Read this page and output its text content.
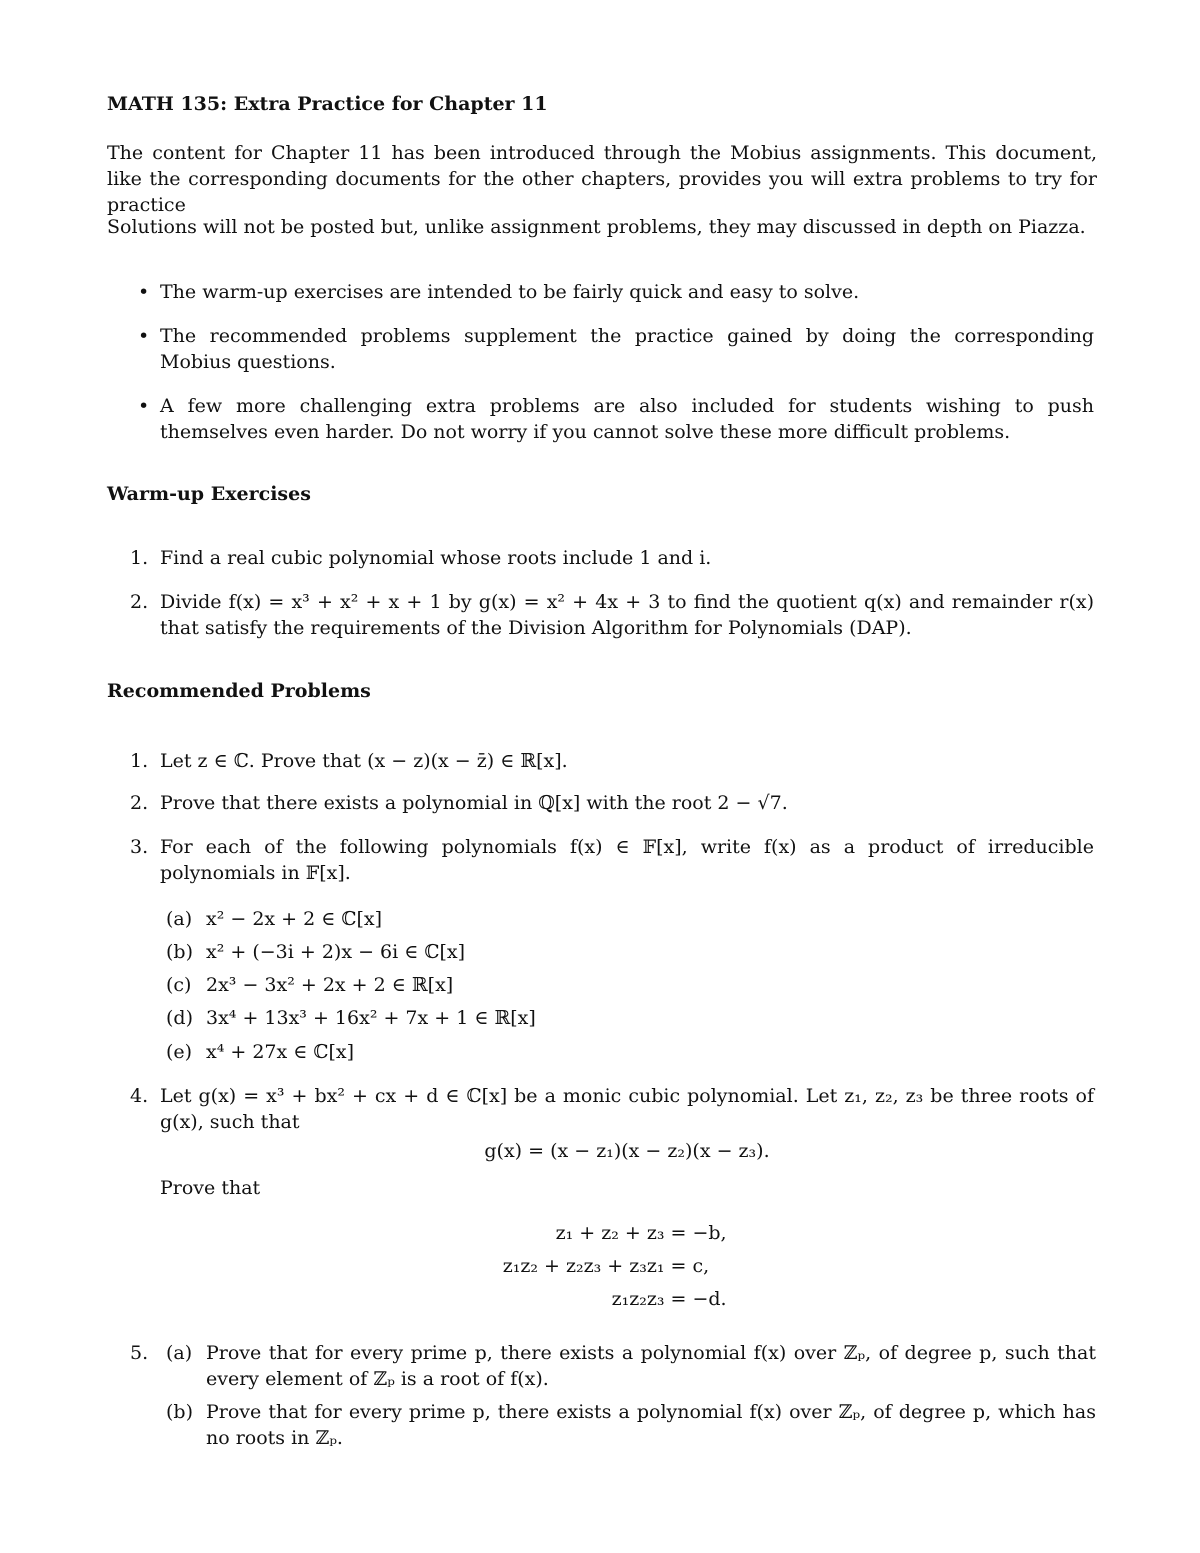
MATH 135: Extra Practice for Chapter 11

The content for Chapter 11 has been introduced through the Mobius assignments. This document, like the corresponding documents for the other chapters, provides you will extra problems to try for practice

Solutions will not be posted but, unlike assignment problems, they may discussed in depth on Piazza.

• The warm-up exercises are intended to be fairly quick and easy to solve.
• The recommended problems supplement the practice gained by doing the corresponding Mobius questions.
• A few more challenging extra problems are also included for students wishing to push themselves even harder. Do not worry if you cannot solve these more difficult problems.
Warm-up Exercises
1. Find a real cubic polynomial whose roots include 1 and i.
2. Divide f(x) = x³ + x² + x + 1 by g(x) = x² + 4x + 3 to find the quotient q(x) and remainder r(x) that satisfy the requirements of the Division Algorithm for Polynomials (DAP).
Recommended Problems
1. Let z ∈ ℂ. Prove that (x − z)(x − z̄) ∈ ℝ[x].
2. Prove that there exists a polynomial in ℚ[x] with the root 2 − √7.
3. For each of the following polynomials f(x) ∈ 𝔽[x], write f(x) as a product of irreducible polynomials in 𝔽[x].
(a) x² − 2x + 2 ∈ ℂ[x]
(b) x² + (−3i + 2)x − 6i ∈ ℂ[x]
(c) 2x³ − 3x² + 2x + 2 ∈ ℝ[x]
(d) 3x⁴ + 13x³ + 16x² + 7x + 1 ∈ ℝ[x]
(e) x⁴ + 27x ∈ ℂ[x]
4. Let g(x) = x³ + bx² + cx + d ∈ ℂ[x] be a monic cubic polynomial. Let z₁, z₂, z₃ be three roots of g(x), such that
g(x) = (x − z₁)(x − z₂)(x − z₃).
Prove that
z₁ + z₂ + z₃ = −b,
z₁z₂ + z₂z₃ + z₃z₁ = c,
z₁z₂z₃ = −d.
5. (a) Prove that for every prime p, there exists a polynomial f(x) over ℤₚ, of degree p, such that every element of ℤₚ is a root of f(x).
(b) Prove that for every prime p, there exists a polynomial f(x) over ℤₚ, of degree p, which has no roots in ℤₚ.
